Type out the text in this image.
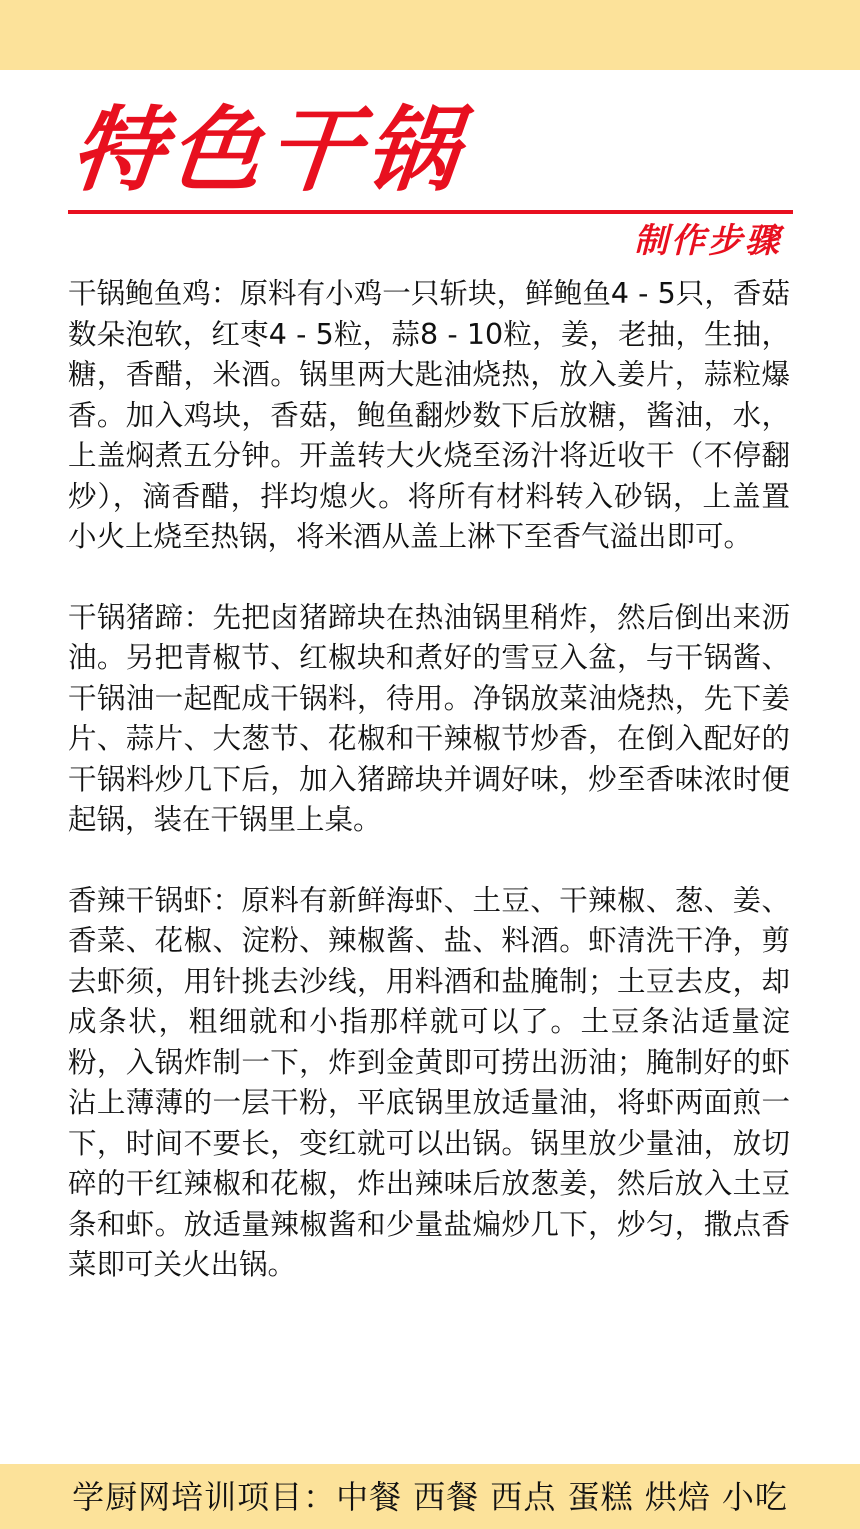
特色干锅
制作步骤

干锅鲍鱼鸡：原料有小鸡一只斩块，鲜鲍鱼4 - 5只，香菇数朵泡软，红枣4 - 5粒，蒜8 - 10粒，姜，老抽，生抽，糖，香醋，米酒。锅里两大匙油烧热，放入姜片，蒜粒爆香。加入鸡块，香菇，鲍鱼翻炒数下后放糖，酱油，水，上盖焖煮五分钟。开盖转大火烧至汤汁将近收干（不停翻炒），滴香醋，拌均熄火。将所有材料转入砂锅，上盖置小火上烧至热锅，将米酒从盖上淋下至香气溢出即可。

干锅猪蹄：先把卤猪蹄块在热油锅里稍炸，然后倒出来沥油。另把青椒节、红椒块和煮好的雪豆入盆，与干锅酱、干锅油一起配成干锅料，待用。净锅放菜油烧热，先下姜片、蒜片、大葱节、花椒和干辣椒节炒香，在倒入配好的干锅料炒几下后，加入猪蹄块并调好味，炒至香味浓时便起锅，装在干锅里上桌。

香辣干锅虾：原料有新鲜海虾、土豆、干辣椒、葱、姜、香菜、花椒、淀粉、辣椒酱、盐、料酒。虾清洗干净，剪去虾须，用针挑去沙线，用料酒和盐腌制；土豆去皮，却成条状，粗细就和小指那样就可以了。土豆条沾适量淀粉，入锅炸制一下，炸到金黄即可捞出沥油；腌制好的虾沾上薄薄的一层干粉，平底锅里放适量油，将虾两面煎一下，时间不要长，变红就可以出锅。锅里放少量油，放切碎的干红辣椒和花椒，炸出辣味后放葱姜，然后放入土豆条和虾。放适量辣椒酱和少量盐煸炒几下，炒匀，撒点香菜即可关火出锅。

学厨网培训项目：中餐 西餐 西点 蛋糕 烘焙 小吃
